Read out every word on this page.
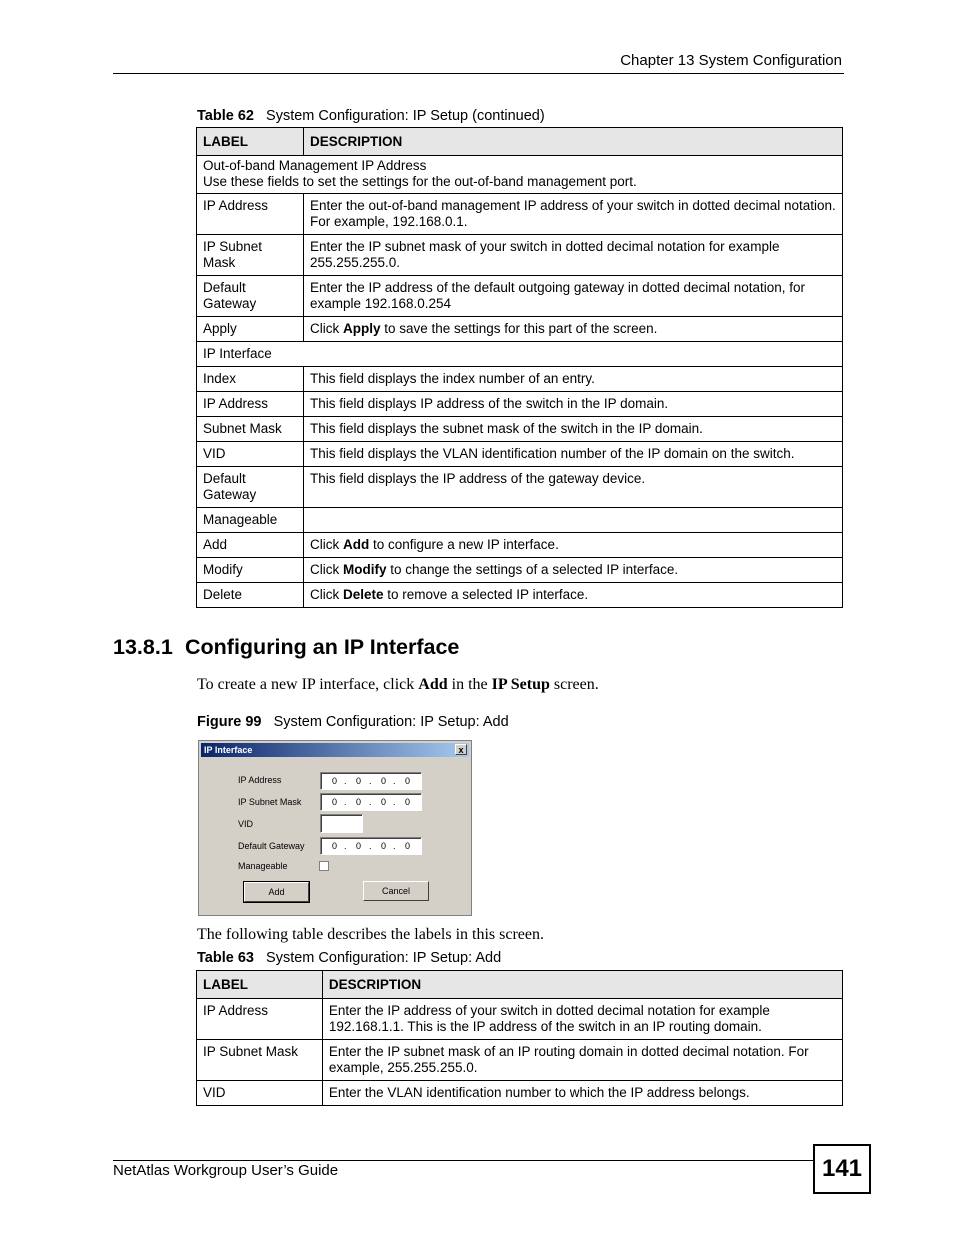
Chapter 13 System Configuration
Table 62 System Configuration: IP Setup (continued)
LABEL	DESCRIPTION

Out-of-band Management IP Address
Use these fields to set the settings for the out-of-band management port.	

IP Address	Enter the out-of-band management IP address of your switch in dotted decimal notation. For example, 192.168.0.1.
IP Subnet Mask	Enter the IP subnet mask of your switch in dotted decimal notation for example 255.255.255.0.
Default Gateway	Enter the IP address of the default outgoing gateway in dotted decimal notation, for example 192.168.0.254
Apply	Click Apply to save the settings for this part of the screen.
IP Interface	
Index	This field displays the index number of an entry.
IP Address	This field displays IP address of the switch in the IP domain.
Subnet Mask	This field displays the subnet mask of the switch in the IP domain.
VID	This field displays the VLAN identification number of the IP domain on the switch.
Default Gateway	This field displays the IP address of the gateway device.
Manageable	
Add	Click Add to configure a new IP interface.
Modify	Click Modify to change the settings of a selected IP interface.
Delete	Click Delete to remove a selected IP interface.
13.8.1 Configuring an IP Interface
To create a new IP interface, click Add in the IP Setup screen.
Figure 99 System Configuration: IP Setup: Add
IP Interface	x
IP Address	0 . 0 . 0 . 0
IP Subnet Mask	0 . 0 . 0 . 0
VID
Default Gateway	0 . 0 . 0 . 0
Manageable
Add	Cancel
The following table describes the labels in this screen.
Table 63 System Configuration: IP Setup: Add
LABEL	DESCRIPTION
IP Address	Enter the IP address of your switch in dotted decimal notation for example 192.168.1.1. This is the IP address of the switch in an IP routing domain.
IP Subnet Mask	Enter the IP subnet mask of an IP routing domain in dotted decimal notation. For example, 255.255.255.0.
VID	Enter the VLAN identification number to which the IP address belongs.
NetAtlas Workgroup User’s Guide	141
